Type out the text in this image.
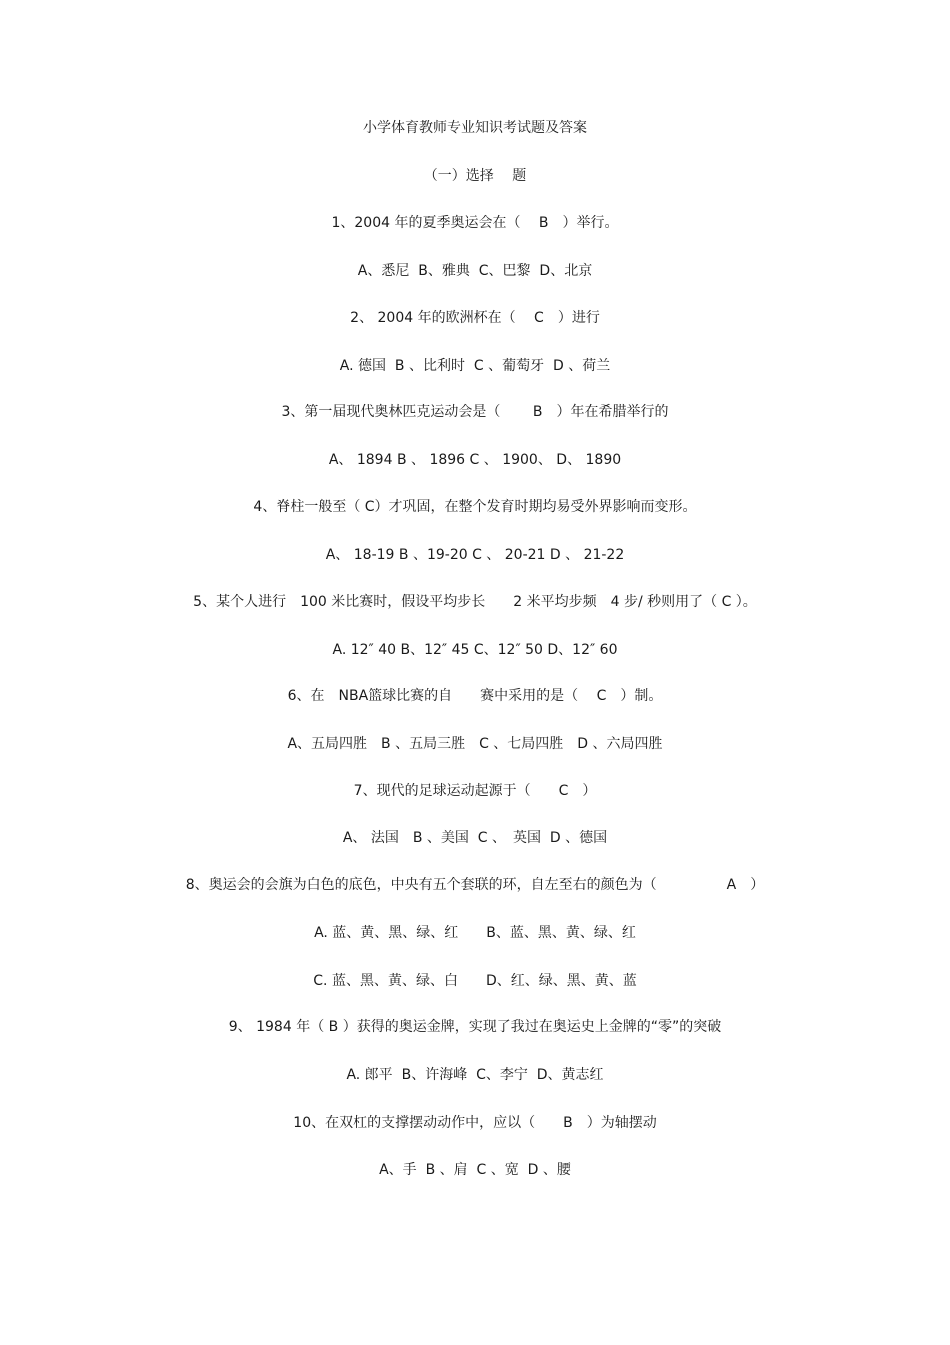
小学体育教师专业知识考试题及答案
（一）选择　 题
1、2004 年的夏季奥运会在（　 B　）举行。
A、悉尼  B、雅典  C、巴黎  D、北京
2、 2004 年的欧洲杯在（　 C　）进行
A. 德国  B 、比利时  C 、葡萄牙  D 、荷兰
3、第一届现代奥林匹克运动会是（　　 B　）年在希腊举行的
A、 1894 B 、 1896 C 、 1900、 D、 1890
4、脊柱一般至（ C）才巩固，在整个发育时期均易受外界影响而变形。
A、 18-19 B 、19-20 C 、 20-21 D 、 21-22
5、某个人进行　100 米比赛时，假设平均步长　　2 米平均步频　4 步/ 秒则用了（ C ）。
A. 12″ 40 B、12″ 45 C、12″ 50 D、12″ 60
6、在　NBA篮球比赛的自　　赛中采用的是（　 C　）制。
A、五局四胜　B 、五局三胜　C 、七局四胜　D 、六局四胜
7、现代的足球运动起源于（　　C　）
A、 法国　B 、美国  C 、　英国  D 、德国
8、奥运会的会旗为白色的底色，中央有五个套联的环，自左至右的颜色为（　　　　　A　）
A. 蓝、黄、黑、绿、红　　B、蓝、黑、黄、绿、红
C. 蓝、黑、黄、绿、白　　D、红、绿、黑、黄、蓝
9、 1984 年（ B ）获得的奥运金牌，实现了我过在奥运史上金牌的“零”的突破
A. 郎平  B、许海峰  C、李宁  D、黄志红
10、在双杠的支撑摆动动作中，应以（　　B　）为轴摆动
A、手  B 、肩  C 、宽  D 、腰
